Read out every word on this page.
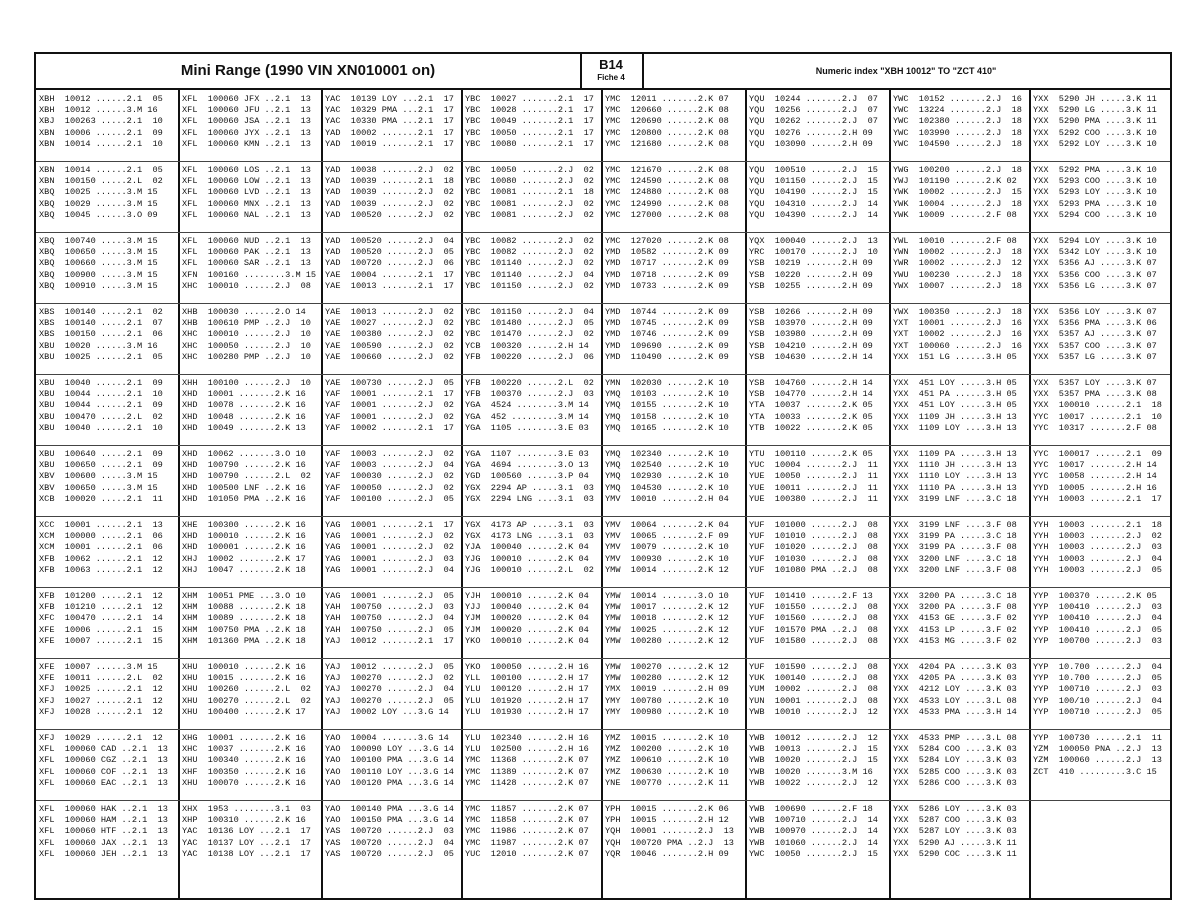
Mini Range (1990 VIN XN010001 on)	B14
Fiche 4
Numeric index "XBH 10012" TO "ZCT 410"
XBH  10012 ......2.1  05
XBH  10012 ......3.M 16
XBJ  100263 .....2.1  10
XBN  10006 ......2.1  09
XBN  10014 ......2.1  10
XBN  10014 ......2.1  05
XBN  100150 .....2.L  02
XBQ  10025 ......3.M 15
XBQ  10029 ......3.M 15
XBQ  10045 ......3.O 09
XBQ  100740 .....3.M 15
XBQ  100650 .....3.M 15
XBQ  100660 .....3.M 15
XBQ  100900 .....3.M 15
XBQ  100910 .....3.M 15
XBS  100140 .....2.1  02
XBS  100140 .....2.1  07
XBS  100150 .....2.1  06
XBU  10020 ......3.M 16
XBU  10025 ......2.1  05
XBU  10040 ......2.1  09
XBU  10044 ......2.1  10
XBU  10044 ......2.1  09
XBU  100470 .....2.L  02
XBU  10040 ......2.1  10
XBU  100640 .....2.1  09
XBU  100650 .....2.1  09
XBV  100600 .....3.M 15
XBV  100650 .....3.M 15
XCB  100020 .....2.1  11
XCC  10001 ......2.1  13
XCM  100000 .....2.1  06
XCM  10001 ......2.1  06
XFB  10062 ......2.1  12
XFB  10063 ......2.1  12
XFB  101200 .....2.1  12
XFB  101210 .....2.1  12
XFC  100470 .....2.1  14
XFE  10006 ......2.1  15
XFE  10007 ......2.1  15
XFE  10007 ......3.M 15
XFE  10011 ......2.L  02
XFJ  10025 ......2.1  12
XFJ  10027 ......2.1  12
XFJ  10028 ......2.1  12
XFJ  10029 ......2.1  12
XFL  100060 CAD ..2.1  13
XFL  100060 CGZ ..2.1  13
XFL  100060 COF ..2.1  13
XFL  100060 EAC ..2.1  13
XFL  100060 HAK ..2.1  13
XFL  100060 HAM ..2.1  13
XFL  100060 HTF ..2.1  13
XFL  100060 JAX ..2.1  13
XFL  100060 JEH ..2.1  13
XFL  100060 JFX ..2.1  13
XFL  100060 JFU ..2.1  13
XFL  100060 JSA ..2.1  13
XFL  100060 JYX ..2.1  13
XFL  100060 KMN ..2.1  13
XFL  100060 LOS ..2.1  13
XFL  100060 LOW ..2.1  13
XFL  100060 LVD ..2.1  13
XFL  100060 MNX ..2.1  13
XFL  100060 NAL ..2.1  13
XFL  100060 NUD ..2.1  13
XFL  100060 PAK ..2.1  13
XFL  100060 SAR ..2.1  13
XFN  100160 ........3.M 15
XHC  100010 ......2.J  08
XHB  100030 ......2.O 14
XHB  100610 PMP ..2.J  10
XHC  100010 ......2.J  10
XHC  100050 ......2.J  10
XHC  100280 PMP ..2.J  10
XHH  100100 ......2.J  10
XHD  10001 .......2.K 16
XHD  10078 .......2.K 16
XHD  10048 .......2.K 16
XHD  10049 .......2.K 13
XHD  10062 .......3.O 10
XHD  100790 ......2.K 16
XHD  100790 ......2.L  02
XHD  100500 LNF ..2.K 16
XHD  101050 PMA ..2.K 16
XHE  100300 ......2.K 16
XHD  100010 ......2.K 16
XHD  100001 ......2.K 16
XHJ  10002 .......2.K 17
XHJ  10047 .......2.K 18
XHM  10051 PME ...3.O 10
XHM  10088 .......2.K 18
XHM  10089 .......2.K 18
XHM  100750 PMA ..2.K 18
XHM  101360 PMA ..2.K 18
XHU  100010 ......2.K 16
XHU  10015 .......2.K 16
XHU  100260 ......2.L  02
XHU  100270 ......2.L  02
XHU  100400 ......2.K 17
XHG  10001 .......2.K 16
XHC  10037 .......2.K 16
XHU  100340 ......2.K 16
XHF  100350 ......2.K 16
XHU  100070 ......2.K 16
XHX  1953 ........3.1  03
XHP  100310 ......2.K 16
YAC  10136 LOY ...2.1  17
YAC  10137 LOY ...2.1  17
YAC  10138 LOY ...2.1  17
YAC  10139 LOY ...2.1  17
YAC  10329 PMA ...2.1  17
YAC  10330 PMA ...2.1  17
YAD  10002 .......2.1  17
YAD  10019 .......2.1  17
YAD  10038 .......2.J  02
YAD  10039 .......2.1  18
YAD  10039 .......2.J  02
YAD  10039 .......2.J  02
YAD  100520 ......2.J  02
YAD  100520 ......2.J  04
YAD  100520 ......2.J  05
YAD  100720 ......2.J  06
YAE  10004 .......2.1  17
YAE  10013 .......2.1  17
YAE  10013 .......2.J  02
YAE  10027 .......2.J  02
YAE  100380 ......2.J  02
YAE  100590 ......2.J  02
YAE  100660 ......2.J  02
YAE  100730 ......2.J  05
YAF  10001 .......2.1  17
YAF  10001 .......2.J  02
YAF  10001 .......2.J  02
YAF  10002 .......2.1  17
YAF  10003 .......2.J  02
YAF  10003 .......2.J  04
YAF  100030 ......2.J  02
YAF  100050 ......2.J  02
YAF  100100 ......2.J  05
YAG  10001 .......2.1  17
YAG  10001 .......2.J  02
YAG  10001 .......2.J  02
YAG  10001 .......2.J  03
YAG  10001 .......2.J  04
YAG  10001 .......2.J  05
YAH  100750 ......2.J  03
YAH  100750 ......2.J  04
YAH  100750 ......2.J  05
YAJ  10012 .......2.1  17
YAJ  10012 .......2.J  05
YAJ  100270 ......2.J  02
YAJ  100270 ......2.J  04
YAJ  100270 ......2.J  05
YAJ  10002 LOY ...3.G 14
YAO  10004 .......3.G 14
YAO  100090 LOY ...3.G 14
YAO  100100 PMA ...3.G 14
YAO  100110 LOY ...3.G 14
YAO  100120 PMA ...3.G 14
YAO  100140 PMA ...3.G 14
YAO  100150 PMA ...3.G 14
YAS  100720 ......2.J  03
YAS  100720 ......2.J  04
YAS  100720 ......2.J  05
YBC  10027 .......2.1  17
YBC  10028 .......2.1  17
YBC  10049 .......2.1  17
YBC  10050 .......2.1  17
YBC  10080 .......2.1  17
YBC  10050 .......2.J  02
YBC  10080 .......2.J  02
YBC  10081 .......2.1  18
YBC  10081 .......2.J  02
YBC  10081 .......2.J  02
YBC  10082 .......2.J  02
YBC  10082 .......2.J  02
YBC  101140 ......2.J  02
YBC  101140 ......2.J  04
YBC  101150 ......2.J  02
YBC  101150 ......2.J  04
YBC  101480 ......2.J  05
YBC  101470 ......2.J  02
YCB  100320 ......2.H 14
YFB  100220 ......2.J  06
YFB  100220 ......2.L  02
YFB  100370 ......2.J  03
YGA  4524 ........3.M 14
YGA  452 .........3.M 14
YGA  1105 ........3.E 03
YGA  1107 ........3.E 03
YGA  4694 ........3.O 13
YGD  100560 ......3.P 04
YGX  2294 AP .....3.1  03
YGX  2294 LNG ....3.1  03
YGX  4173 AP .....3.1  03
YGX  4173 LNG ....3.1  03
YJA  100040 ......2.K 04
YJG  100010 ......2.K 04
YJG  100010 ......2.L  02
YJH  100010 ......2.K 04
YJJ  100040 ......2.K 04
YJM  100020 ......2.K 04
YJM  100020 ......2.K 04
YKO  100010 ......2.K 04
YKO  100050 ......2.H 16
YLL  100100 ......2.H 17
YLU  100120 ......2.H 17
YLU  101920 ......2.H 17
YLU  101930 ......2.H 17
YLU  102340 ......2.H 16
YLU  102500 ......2.H 16
YMC  11368 .......2.K 07
YMC  11389 .......2.K 07
YMC  11428 .......2.K 07
YMC  11857 .......2.K 07
YMC  11858 .......2.K 07
YMC  11986 .......2.K 07
YMC  11987 .......2.K 07
YUC  12010 .......2.K 07
YMC  12011 .......2.K 07
YMC  120660 ......2.K 08
YMC  120690 ......2.K 08
YMC  120800 ......2.K 08
YMC  121680 ......2.K 08
YMC  121670 ......2.K 08
YMC  124590 ......2.K 08
YMC  124880 ......2.K 08
YMC  124990 ......2.K 08
YMC  127000 ......2.K 08
YMC  127020 ......2.K 08
YMD  10582 .......2.K 09
YMD  10717 .......2.K 09
YMD  10718 .......2.K 09
YMD  10733 .......2.K 09
YMD  10744 .......2.K 09
YMD  10745 .......2.K 09
YMD  10746 .......2.K 09
YMD  109690 ......2.K 09
YMD  110490 ......2.K 09
YMN  102030 ......2.K 10
YMQ  10103 .......2.K 10
YMQ  10155 .......2.K 10
YMQ  10158 .......2.K 10
YMQ  10165 .......2.K 10
YMQ  102340 ......2.K 10
YMQ  102540 ......2.K 10
YMQ  102930 ......2.K 10
YMQ  104530 ......2.K 10
YMV  10010 .......2.H 04
YMV  10064 .......2.K 04
YMV  10065 .......2.F 09
YMV  10079 .......2.K 10
YMV  100930 ......2.K 10
YMW  10014 .......2.K 12
YMW  10014 .......3.O 10
YMW  10017 .......2.K 12
YMW  10018 .......2.K 12
YMW  10025 .......2.K 12
YMW  100280 ......2.K 12
YMW  100270 ......2.K 12
YMW  100280 ......2.K 12
YMX  10019 .......2.H 09
YMY  100780 ......2.K 10
YMY  100980 ......2.K 10
YMZ  10015 .......2.K 10
YMZ  100200 ......2.K 10
YMZ  100610 ......2.K 10
YMZ  100630 ......2.K 10
YNE  100770 ......2.K 11
YPH  10015 .......2.K 06
YPH  10015 .......2.H 12
YQH  10001 .......2.J  13
YQH  100720 PMA ..2.J  13
YQR  10046 .......2.H 09
YQU  10244 .......2.J  07
YQU  10256 .......2.J  07
YQU  10262 .......2.J  07
YQU  10276 .......2.H 09
YQU  103090 ......2.H 09
YQU  100510 ......2.J  15
YQU  101150 ......2.J  15
YQU  104190 ......2.J  15
YQU  104310 ......2.J  14
YQU  104390 ......2.J  14
YQX  100040 ......2.J  13
YRC  100170 ......2.J  10
YSB  10219 .......2.H 09
YSB  10220 .......2.H 09
YSB  10255 .......2.H 09
YSB  10266 .......2.H 09
YSB  103970 ......2.H 09
YSB  103980 ......2.H 09
YSB  104210 ......2.H 09
YSB  104630 ......2.H 14
YSB  104760 ......2.H 14
YSB  104770 ......2.H 14
YTA  10037 .......2.K 05
YTA  10033 .......2.K 05
YTB  10022 .......2.K 05
YTU  100110 ......2.K 05
YUC  10004 .......2.J  11
YUE  10050 .......2.J  11
YUE  10011 .......2.J  11
YUE  100380 ......2.J  11
YUF  101000 ......2.J  08
YUF  101010 ......2.J  08
YUF  101020 ......2.J  08
YUF  101030 ......2.J  08
YUF  101080 PMA ..2.J  08
YUF  101410 ......2.F 13
YUF  101550 ......2.J  08
YUF  101560 ......2.J  08
YUF  101570 PMA ..2.J  08
YUF  101580 ......2.J  08
YUF  101590 ......2.J  08
YUK  100140 ......2.J  08
YUM  10002 .......2.J  08
YUN  10001 .......2.J  08
YWB  10010 .......2.J  12
YWB  10012 .......2.J  12
YWB  10013 .......2.J  15
YWB  10020 .......2.J  15
YWB  10020 .......3.M 16
YWB  10022 .......2.J  12
YWB  100690 ......2.F 18
YWB  100710 ......2.J  14
YWB  100970 ......2.J  14
YWB  101060 ......2.J  14
YWC  10050 .......2.J  15
YWC  10152 .......2.J  16
YWC  13224 .......2.J  18
YWC  102380 ......2.J  18
YWC  103990 ......2.J  18
YWC  104590 ......2.J  18
YWG  100200 ......2.J  18
YWJ  101190 ......2.K 02
YWK  10002 .......2.J  15
YWK  10004 .......2.J  18
YWK  10009 .......2.F 08
YWL  10010 .......2.F 08
YWN  10002 .......2.J  18
YWR  10002 .......2.J  12
YWU  100230 ......2.J  18
YWX  10007 .......2.J  18
YWX  100350 ......2.J  18
YXT  10001 .......2.J  16
YXT  10002 .......2.J  16
YXT  100060 ......2.J  16
YXX  151 LG ......3.H 05
YXX  451 LOY .....3.H 05
YXX  451 PA ......3.H 05
YXX  451 LOY .....3.H 05
YXX  1109 JH .....3.H 13
YXX  1109 LOY ....3.H 13
YXX  1109 PA .....3.H 13
YXX  1110 JH .....3.H 13
YXX  1110 LOY ....3.H 13
YXX  1110 PA .....3.H 13
YXX  3199 LNF ....3.C 18
YXX  3199 LNF ....3.F 08
YXX  3199 PA .....3.C 18
YXX  3199 PA .....3.F 08
YXX  3200 LNF ....3.C 18
YXX  3200 LNF ....3.F 08
YXX  3200 PA .....3.C 18
YXX  3200 PA .....3.F 08
YXX  4153 GE .....3.F 02
YXX  4153 LP .....3.F 02
YXX  4153 MG .....3.F 02
YXX  4204 PA .....3.K 03
YXX  4205 PA .....3.K 03
YXX  4212 LOY ....3.K 03
YXX  4533 LOY ....3.L 08
YXX  4533 PMA ....3.H 14
YXX  4533 PMP ....3.L 08
YXX  5284 COO ....3.K 03
YXX  5284 LOY ....3.K 03
YXX  5285 COO ....3.K 03
YXX  5286 COO ....3.K 03
YXX  5286 LOY ....3.K 03
YXX  5287 COO ....3.K 03
YXX  5287 LOY ....3.K 03
YXX  5290 AJ .....3.K 11
YXX  5290 COC ....3.K 11
YXX  5290 JH .....3.K 11
YXX  5290 LG .....3.K 11
YXX  5290 PMA ....3.K 11
YXX  5292 COO ....3.K 10
YXX  5292 LOY ....3.K 10
YXX  5292 PMA ....3.K 10
YXX  5293 COO ....3.K 10
YXX  5293 LOY ....3.K 10
YXX  5293 PMA ....3.K 10
YXX  5294 COO ....3.K 10
YXX  5294 LOY ....3.K 10
YXX  5342 LOY ....3.K 10
YXX  5356 AJ .....3.K 07
YXX  5356 COO ....3.K 07
YXX  5356 LG .....3.K 07
YXX  5356 LOY ....3.K 07
YXX  5356 PMA ....3.K 06
YXX  5357 AJ .....3.K 07
YXX  5357 COO ....3.K 07
YXX  5357 LG .....3.K 07
YXX  5357 LOY ....3.K 07
YXX  5357 PMA ....3.K 08
YXX  100010 ......2.1  18
YYC  10017 .......2.1  10
YYC  10317 .......2.F 08
YYC  100017 ......2.1  09
YYC  10017 .......2.H 14
YYC  10058 .......2.H 14
YYD  10005 .......2.H 16
YYH  10003 .......2.1  17
YYH  10003 .......2.1  18
YYH  10003 .......2.J  02
YYH  10003 .......2.J  03
YYH  10003 .......2.J  04
YYH  10003 .......2.J  05
YYP  100370 ......2.K 05
YYP  100410 ......2.J  03
YYP  100410 ......2.J  04
YYP  100410 ......2.J  05
YYP  100700 ......2.J  03
YYP  10.700 ......2.J  04
YYP  10.700 ......2.J  05
YYP  100710 ......2.J  03
YYP  100/10 ......2.J  04
YYP  100710 ......2.J  05
YYP  100730 ......2.1  11
YZM  100050 PNA ..2.J  13
YZM  100060 ......2.J  13
ZCT  410 .........3.C 15
